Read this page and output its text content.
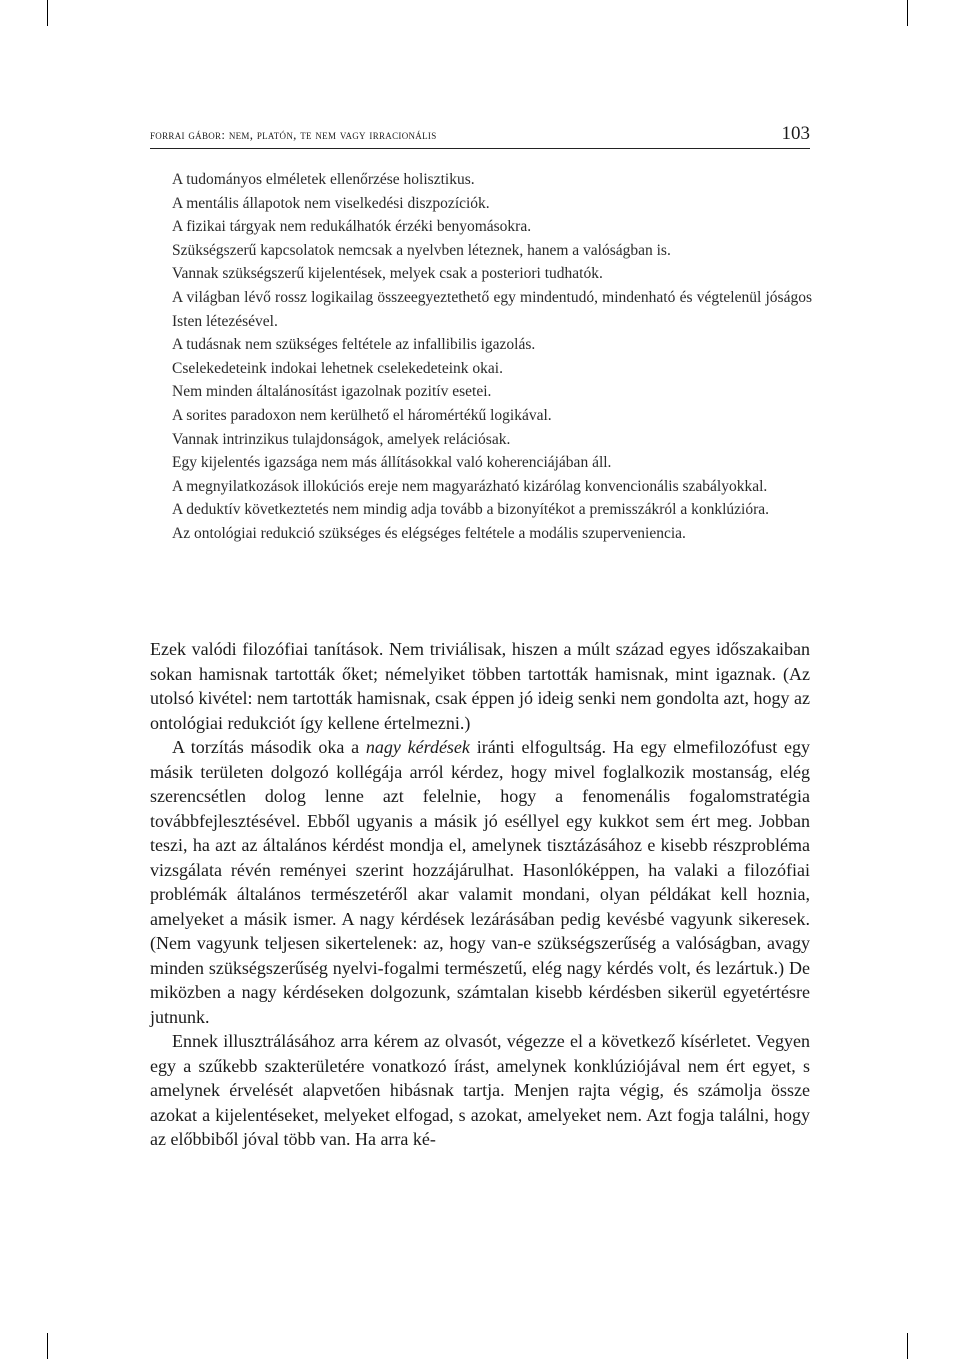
forrai gábor: nem, platón, te nem vagy irracionális	103
A tudományos elméletek ellenőrzése holisztikus.
A mentális állapotok nem viselkedési diszpozíciók.
A fizikai tárgyak nem redukálhatók érzéki benyomásokra.
Szükségszerű kapcsolatok nemcsak a nyelvben léteznek, hanem a valóságban is.
Vannak szükségszerű kijelentések, melyek csak a posteriori tudhatók.
A világban lévő rossz logikailag összeegyeztethető egy mindentudó, mindenható és végtelenül jóságos Isten létezésével.
A tudásnak nem szükséges feltétele az infallibilis igazolás.
Cselekedeteink indokai lehetnek cselekedeteink okai.
Nem minden általánosítást igazolnak pozitív esetei.
A sorites paradoxon nem kerülhető el háromértékű logikával.
Vannak intrinzikus tulajdonságok, amelyek relációsak.
Egy kijelentés igazsága nem más állításokkal való koherenciájában áll.
A megnyilatkozások illokúciós ereje nem magyarázható kizárólag konvencionális szabályokkal.
A deduktív következtetés nem mindig adja tovább a bizonyítékot a premisszákról a konklúzióra.
Az ontológiai redukció szükséges és elégséges feltétele a modális szuperveniencia.

Ezek valódi filozófiai tanítások. Nem triviálisak, hiszen a múlt század egyes időszakaiban sokan hamisnak tartották őket; némelyiket többen tartották hamisnak, mint igaznak. (Az utolsó kivétel: nem tartották hamisnak, csak éppen jó ideig senki nem gondolta azt, hogy az ontológiai redukciót így kellene értelmezni.)

A torzítás második oka a nagy kérdések iránti elfogultság. Ha egy elmefilozófust egy másik területen dolgozó kollégája arról kérdez, hogy mivel foglalkozik mostanság, elég szerencsétlen dolog lenne azt felelnie, hogy a fenomenális fogalomstratégia továbbfejlesztésével. Ebből ugyanis a másik jó eséllyel egy kukkot sem ért meg. Jobban teszi, ha azt az általános kérdést mondja el, amelynek tisztázásához e kisebb részprobléma vizsgálata révén reményei szerint hozzájárulhat. Hasonlóképpen, ha valaki a filozófiai problémák általános természetéről akar valamit mondani, olyan példákat kell hoznia, amelyeket a másik ismer. A nagy kérdések lezárásában pedig kevésbé vagyunk sikeresek. (Nem vagyunk teljesen sikertelenek: az, hogy van-e szükségszerűség a valóságban, avagy minden szükségszerűség nyelvi-fogalmi természetű, elég nagy kérdés volt, és lezártuk.) De miközben a nagy kérdéseken dolgozunk, számtalan kisebb kérdésben sikerül egyetértésre jutnunk.

Ennek illusztrálásához arra kérem az olvasót, végezze el a következő kísérletet. Vegyen egy a szűkebb szakterületére vonatkozó írást, amelynek konklúziójával nem ért egyet, s amelynek érvelését alapvetően hibásnak tartja. Menjen rajta végig, és számolja össze azokat a kijelentéseket, melyeket elfogad, s azokat, amelyeket nem. Azt fogja találni, hogy az előbbiből jóval több van. Ha arra ké-
